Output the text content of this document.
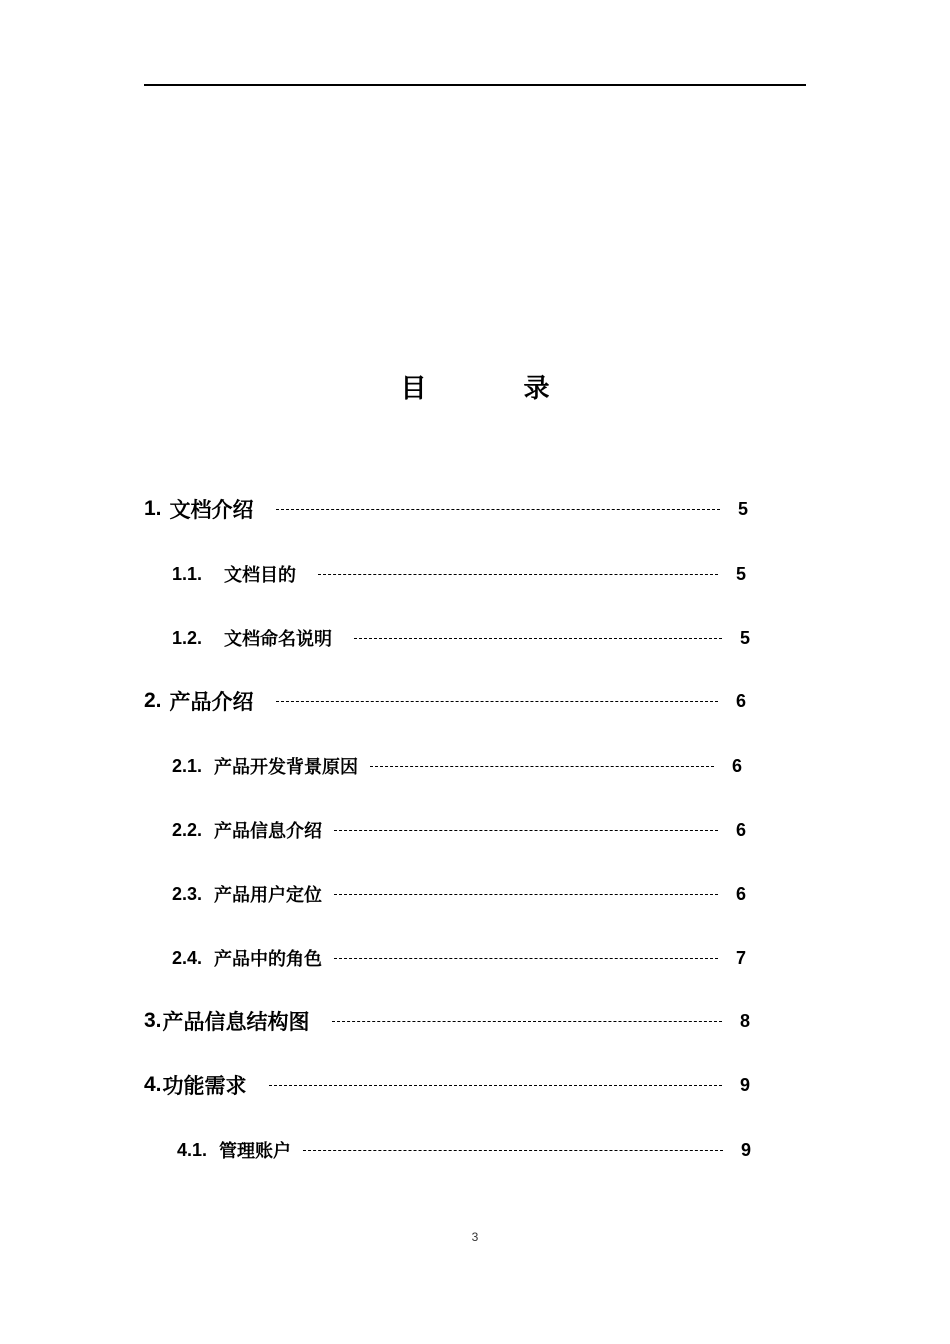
目 录
1. 文档介绍	5
1.1. 文档目的	5
1.2. 文档命名说明	5
2. 产品介绍	6
2.1. 产品开发背景原因	6
2.2. 产品信息介绍	6
2.3. 产品用户定位	6
2.4. 产品中的角色	7
3. 产品信息结构图	8
4. 功能需求	9
4.1. 管理账户	9
3
